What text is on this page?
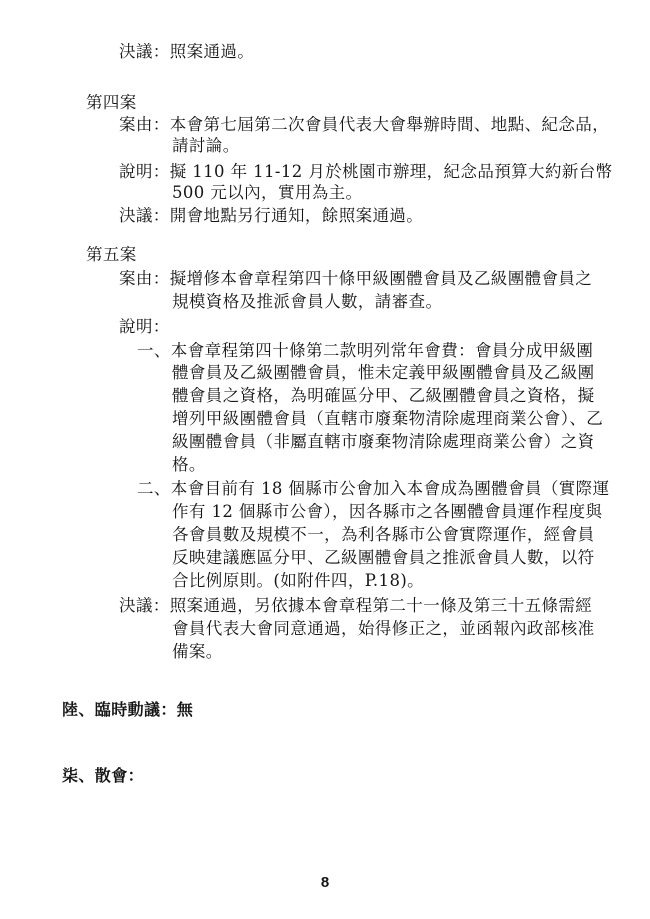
決議：照案通過。
第四案
案由：本會第七屆第二次會員代表大會舉辦時間、地點、紀念品，
請討論。
說明：擬 110 年 11-12 月於桃園市辦理，紀念品預算大約新台幣
500 元以內，實用為主。
決議：開會地點另行通知，餘照案通過。
第五案
案由：擬增修本會章程第四十條甲級團體會員及乙級團體會員之
規模資格及推派會員人數，請審查。
說明：
一、本會章程第四十條第二款明列常年會費：會員分成甲級團
體會員及乙級團體會員，惟未定義甲級團體會員及乙級團
體會員之資格，為明確區分甲、乙級團體會員之資格，擬
增列甲級團體會員（直轄市廢棄物清除處理商業公會）、乙
級團體會員（非屬直轄市廢棄物清除處理商業公會）之資
格。
二、本會目前有 18 個縣市公會加入本會成為團體會員（實際運
作有 12 個縣市公會），因各縣市之各團體會員運作程度與
各會員數及規模不一，為利各縣市公會實際運作，經會員
反映建議應區分甲、乙級團體會員之推派會員人數，以符
合比例原則。(如附件四，P.18)。
決議：照案通過，另依據本會章程第二十一條及第三十五條需經
會員代表大會同意通過，始得修正之，並函報內政部核准
備案。
陸、臨時動議：無
柒、散會：
8
